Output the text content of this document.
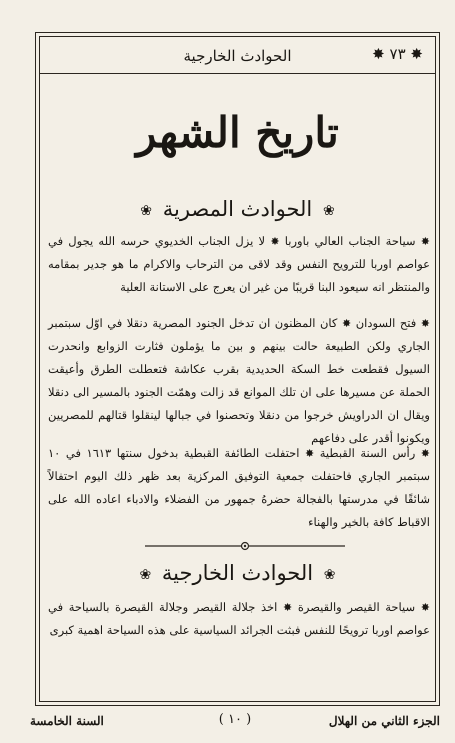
✸ ٧٣ ✸
الحوادث الخارجية
تاريخ الشهر
❀ الحوادث المصرية ❀

✸ سياحة الجناب العالي باوربا ✸ لا يزل الجناب الخديوي حرسه الله يجول في عواصم اوربا للترويح النفس وقد لاقى من الترحاب والاكرام ما هو جدير بمقامه والمنتظر انه سيعود البنا قريبًا من غير ان يعرج على الاستانة العلية

✸ فتح السودان ✸ كان المظنون ان تدخل الجنود المصرية دنقلا في اوّل سبتمبر الجاري ولكن الطبيعة حالت بينهم و بين ما يؤملون فثارت الزوابع وانحدرت السيول فقطعت خط السكة الحديدية بقرب عكاشة فتعطلت الطرق وأعيقت الحملة عن مسيرها على ان تلك الموانع قد زالت وهمّت الجنود بالمسير الى دنقلا ويقال ان الدراويش خرجوا من دنقلا وتحصنوا في جبالها لينقلوا قتالهم للمصريين ويكونوا أقدر على دفاعهم

✸ رأس السنة القبطية ✸ احتفلت الطائفة القبطية بدخول سنتها ١٦١٣ في ١٠ سبتمبر الجاري فاحتفلت جمعية التوفيق المركزية بعد ظهر ذلك اليوم احتفالاً شائقًا في مدرستها بالفجالة حضرهُ جمهور من الفضلاء والادباء اعاده الله على الاقباط كافة بالخير والهناء

❀ الحوادث الخارجية ❀

✸ سياحة القيصر والقيصرة ✸ اخذ جلالة القيصر وجلالة القيصرة بالسياحة في عواصم اوربا ترويحًا للنفس فبثت الجرائد السياسية على هذه السياحة اهمية كبرى

الجزء الثاني من الهلال
( ١٠ )
السنة الخامسة
